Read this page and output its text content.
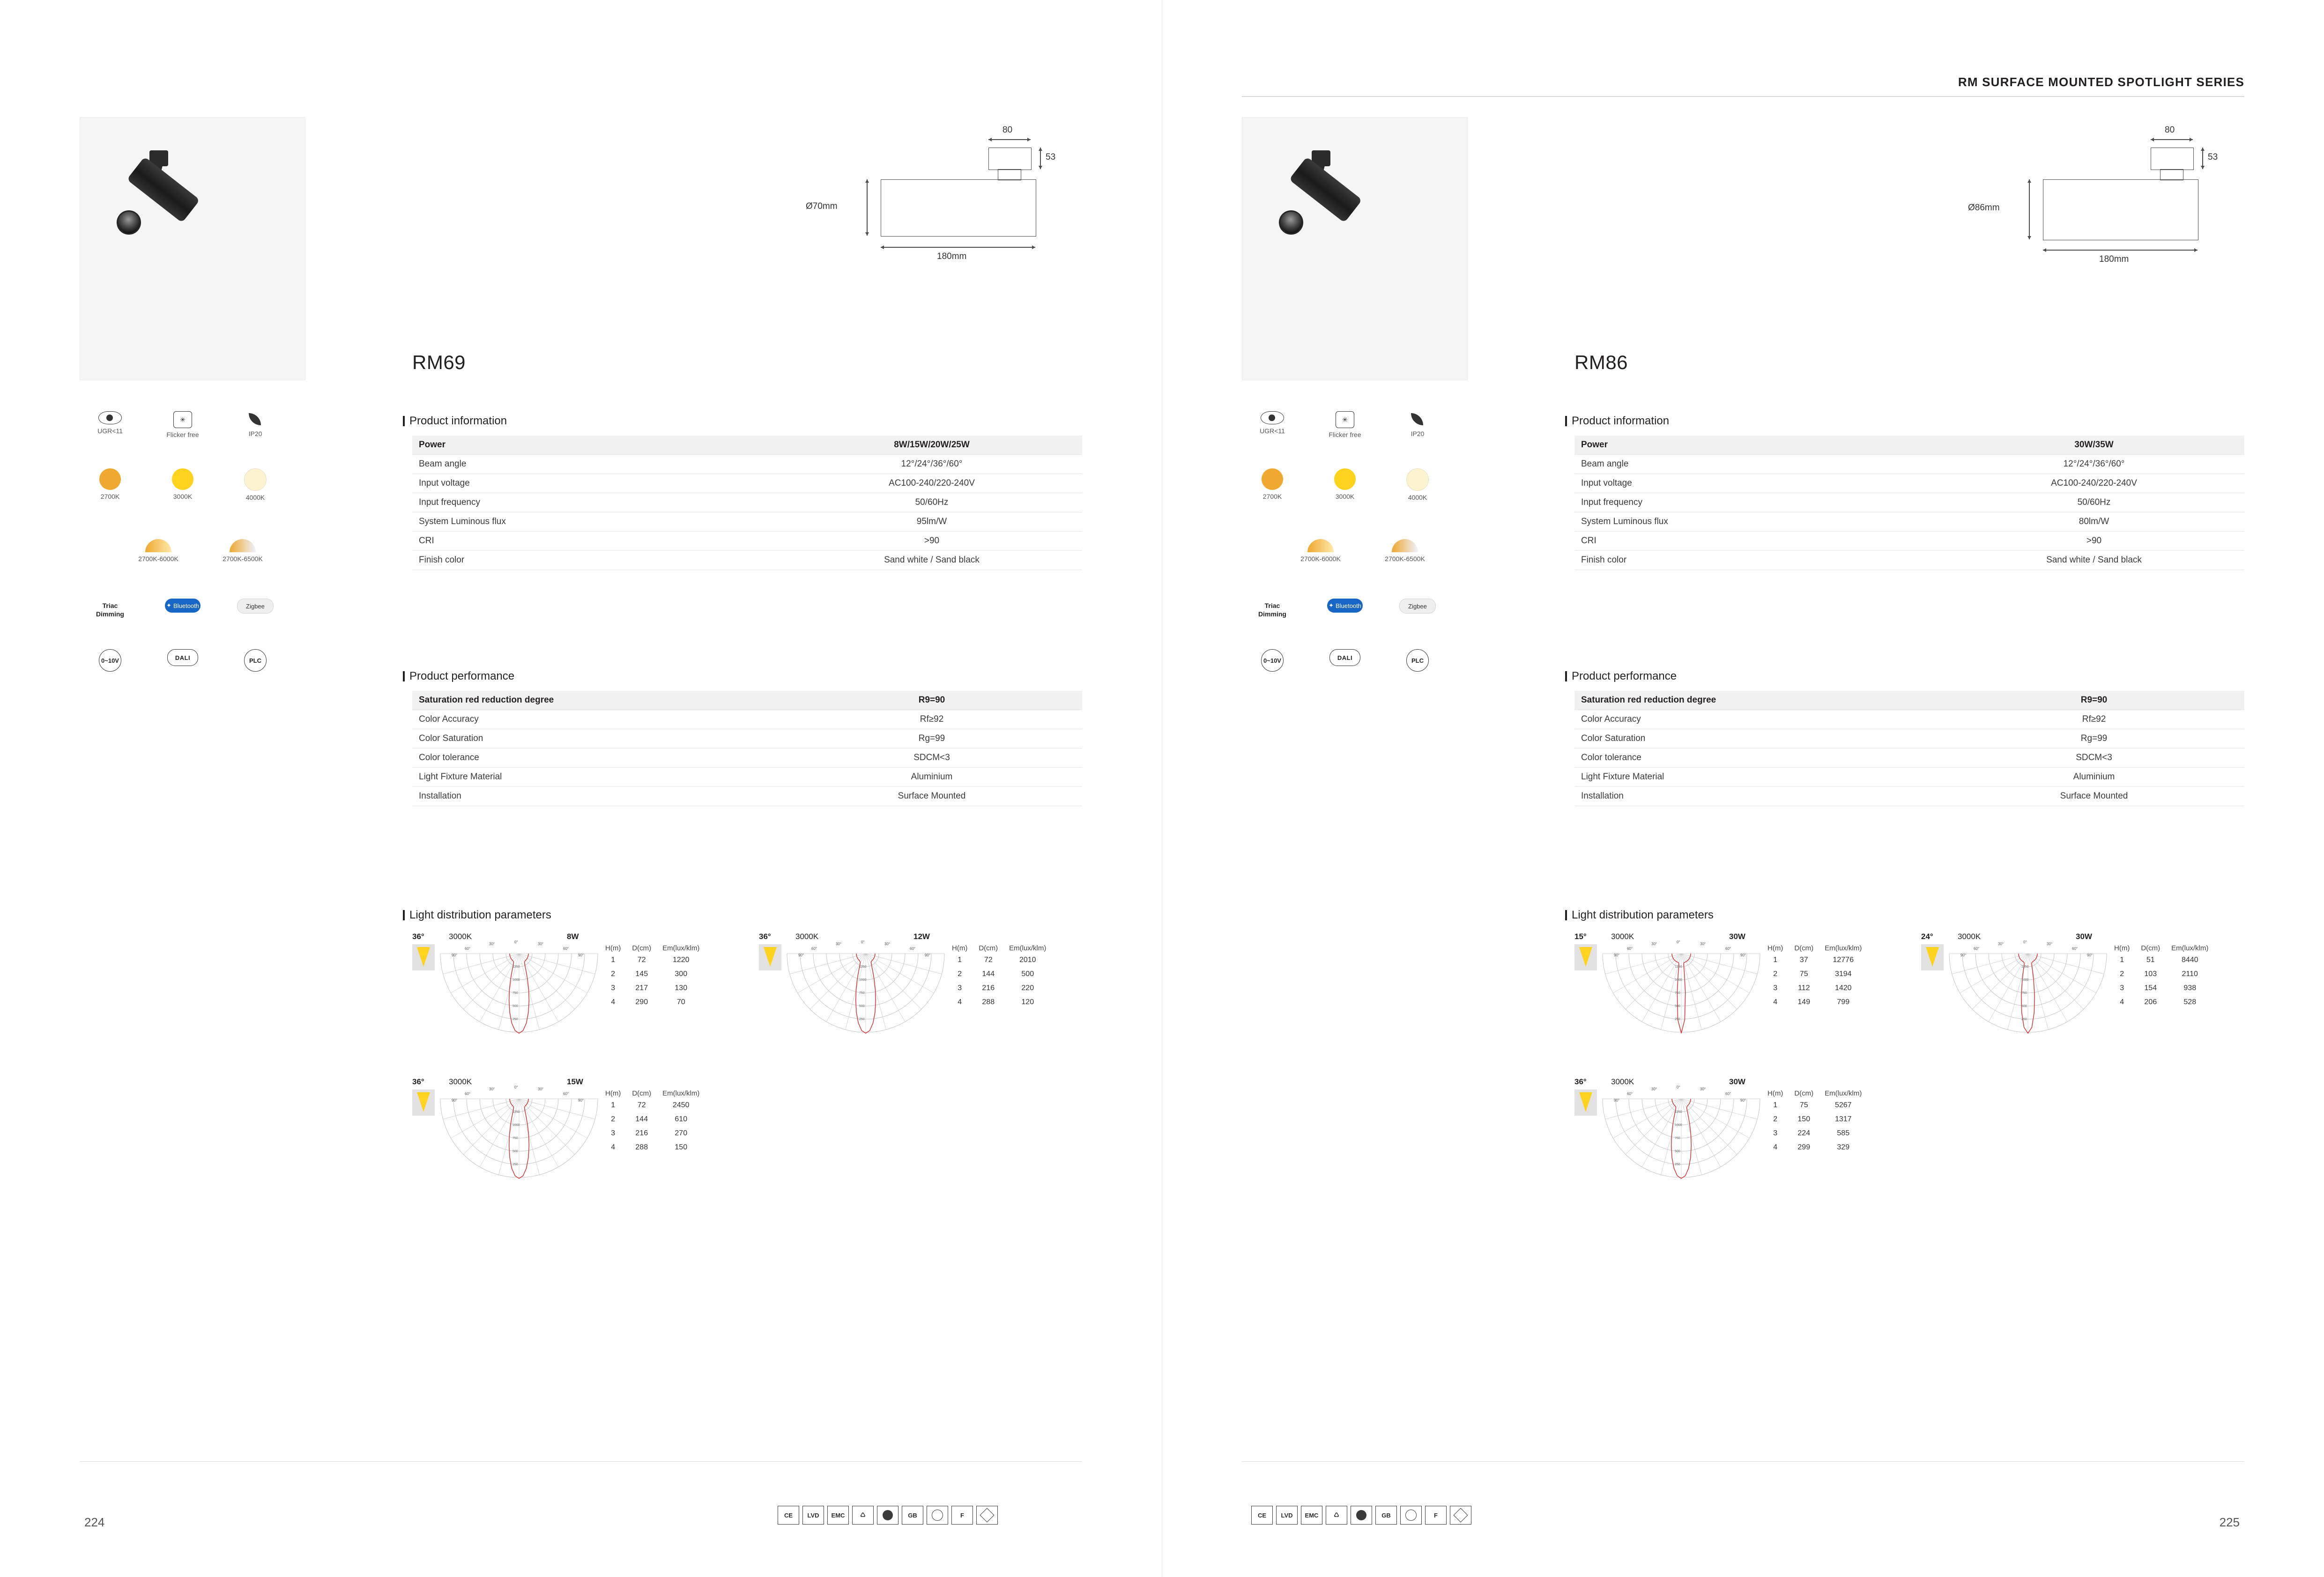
80
53
Ø70mm
180mm
RM69
UGR<11
✳
Flicker free	IP20
2700K	3000K	4000K
2700K-6000K	2700K-6500K
Triac
Dimming
✦ Bluetooth	Zigbee
0~10V	DALI	PLC
Product information
Power	8W/15W/20W/25W
Beam angle	12°/24°/36°/60°
Input voltage	AC100-240/220-240V
Input frequency	50/60Hz
System Luminous flux	95lm/W
CRI	>90
Finish color	Sand white / Sand black
Product performance
Saturation red reduction degree	R9=90
Color Accuracy	Rf≥92
Color Saturation	Rg=99
Color tolerance	SDCM<3
Light Fixture Material	Aluminium
Installation	Surface Mounted
Light distribution parameters
36°	3000K	8W
90°
60°
30°	0°	30°
60°
90°
1250
1000
750
500
250
H(m)	D(cm)	Em(lux/klm)
1	72	1220
2	145	300
3	217	130
4	290	70
36°	3000K	12W
90°
60°
30°	0°	30°
60°
90°
1250
1000
750
500
250
H(m)	D(cm)	Em(lux/klm)
1	72	2010
2	144	500
3	216	220
4	288	120
36°	3000K	15W
90°
60°
30°	0°	30°
60°
90°
1250
1000
750
500
250
H(m)	D(cm)	Em(lux/klm)
1	72	2450
2	144	610
3	216	270
4	288	150
224	CE	LVD	EMC	♺	GB	F
RM SURFACE MOUNTED SPOTLIGHT SERIES
80
53
Ø86mm
180mm
RM86
UGR<11
✳
Flicker free	IP20
2700K	3000K	4000K
2700K-6000K	2700K-6500K
Triac
Dimming
✦ Bluetooth	Zigbee
0~10V	DALI	PLC
Product information
Power	30W/35W
Beam angle	12°/24°/36°/60°
Input voltage	AC100-240/220-240V
Input frequency	50/60Hz
System Luminous flux	80lm/W
CRI	>90
Finish color	Sand white / Sand black
Product performance
Saturation red reduction degree	R9=90
Color Accuracy	Rf≥92
Color Saturation	Rg=99
Color tolerance	SDCM<3
Light Fixture Material	Aluminium
Installation	Surface Mounted
Light distribution parameters
15°	3000K	30W
90°
60°
30°	0°	30°
60°
90°
1250
1000
750
500
250
H(m)	D(cm)	Em(lux/klm)
1	37	12776
2	75	3194
3	112	1420
4	149	799
24°	3000K	30W
90°
60°
30°	0°	30°
60°
90°
1250
1000
750
500
250
H(m)	D(cm)	Em(lux/klm)
1	51	8440
2	103	2110
3	154	938
4	206	528
36°	3000K	30W
90°
60°
30°	0°	30°
60°
90°
1250
1000
750
500
250
H(m)	D(cm)	Em(lux/klm)
1	75	5267
2	150	1317
3	224	585
4	299	329
225
CE	LVD	EMC	♺	GB	F
